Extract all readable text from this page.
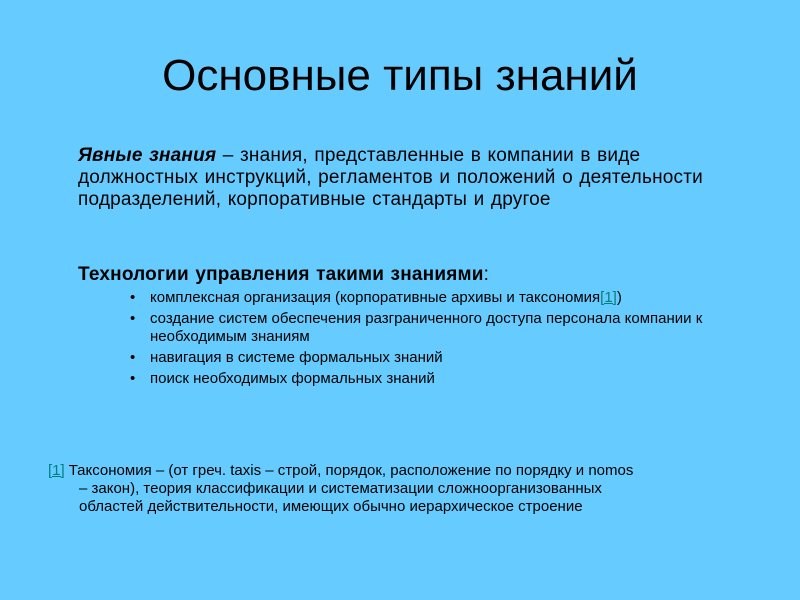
Основные типы знаний
Явные знания – знания, представленные в компании в виде должностных инструкций, регламентов и положений о деятельности подразделений, корпоративные стандарты и другое
Технологии управления такими знаниями:
• комплексная организация (корпоративные архивы и таксономия[1])
• создание систем обеспечения разграниченного доступа персонала компании к необходимым знаниям
• навигация в системе формальных знаний
• поиск необходимых формальных знаний
[1] Таксономия – (от греч. taxis – строй, порядок, расположение по порядку и nomos
– закон), теория классификации и систематизации сложноорганизованных
областей действительности, имеющих обычно иерархическое строение
